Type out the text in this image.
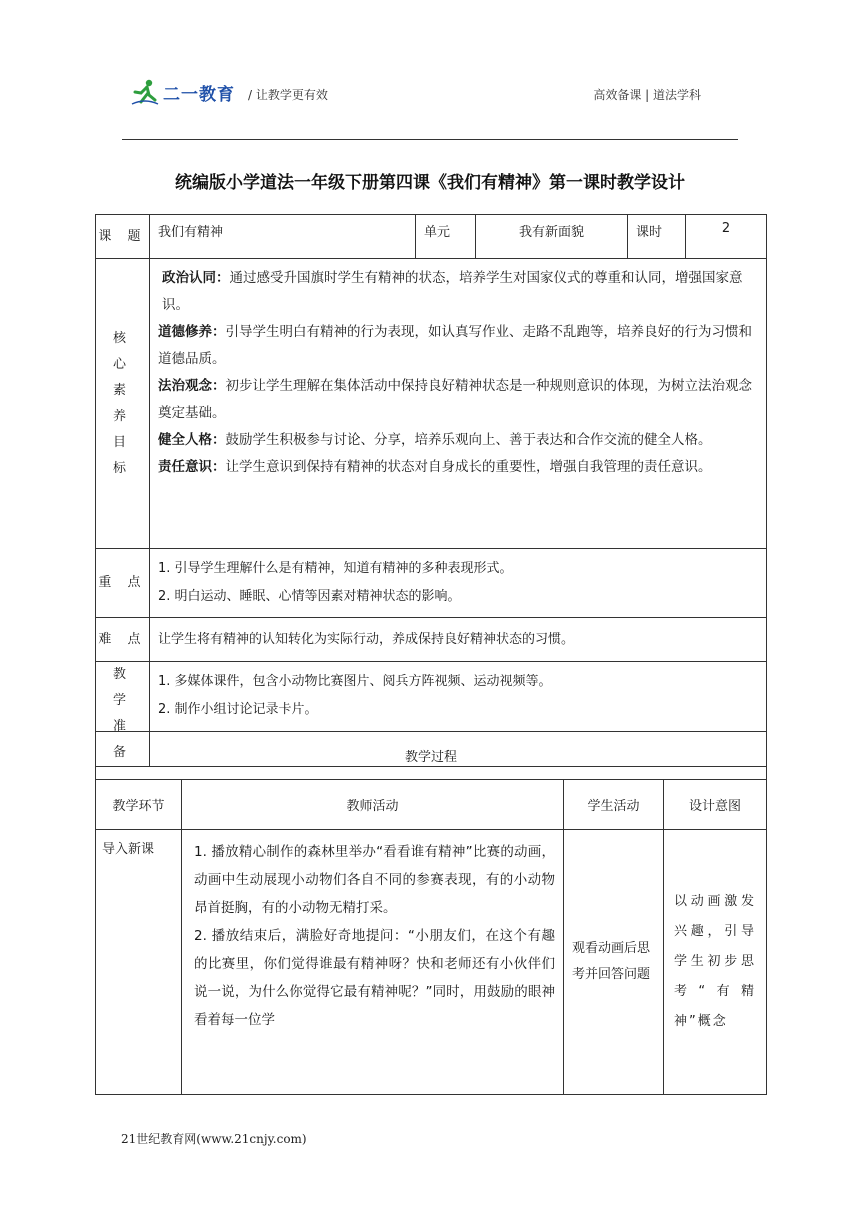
二一教育 / 让教学更有效	高效备课 | 道法学科
统编版小学道法一年级下册第四课《我们有精神》第一课时教学设计
课 题	我们有精神	单元	我有新面貌	课时	2
核心素养目标	政治认同：通过感受升国旗时学生有精神的状态，培养学生对国家仪式的尊重和认同，增强国家意识。

道德修养：引导学生明白有精神的行为表现，如认真写作业、走路不乱跑等，培养良好的行为习惯和道德品质。

法治观念：初步让学生理解在集体活动中保持良好精神状态是一种规则意识的体现，为树立法治观念奠定基础。

健全人格：鼓励学生积极参与讨论、分享，培养乐观向上、善于表达和合作交流的健全人格。

责任意识：让学生意识到保持有精神的状态对自身成长的重要性，增强自我管理的责任意识。				

重 点	1. 引导学生理解什么是有精神，知道有精神的多种表现形式。

2. 明白运动、睡眠、心情等因素对精神状态的影响。				

难 点	让学生将有精神的认知转化为实际行动，养成保持良好精神状态的习惯。				
教学准备	1. 多媒体课件，包含小动物比赛图片、阅兵方阵视频、运动视频等。

2. 制作小组讨论记录卡片。				

教学过程			
教学环节	教师活动	学生活动	设计意图
导入新课	1. 播放精心制作的森林里举办“看看谁有精神”比赛的动画，动画中生动展现小动物们各自不同的参赛表现，有的小动物昂首挺胸，有的小动物无精打采。

2. 播放结束后，满脸好奇地提问：“小朋友们，在这个有趣的比赛里，你们觉得谁最有精神呀？快和老师还有小伙伴们说一说，为什么你觉得它最有精神呢？”同时，用鼓励的眼神看着每一位学	观看动画后思考并回答问题	以动画激发兴趣，引导学生初步思考“有精神”概念
21世纪教育网(www.21cnjy.com)
